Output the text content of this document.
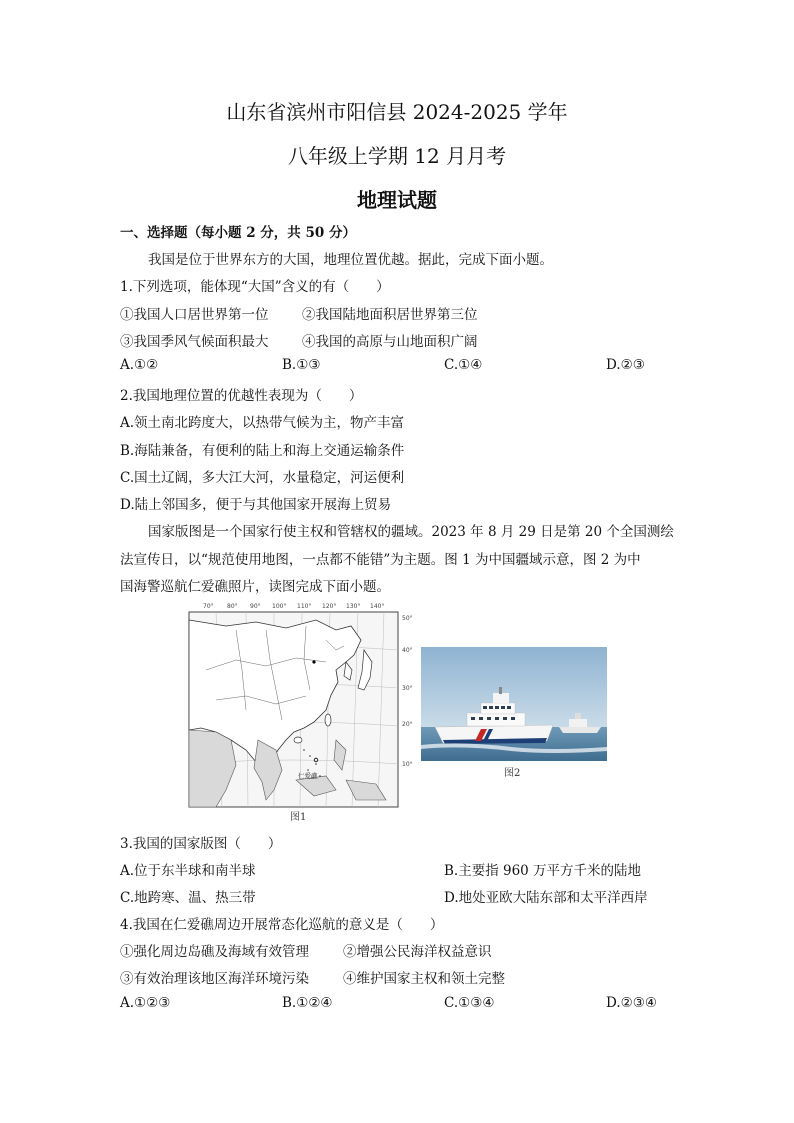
山东省滨州市阳信县 2024-2025 学年
八年级上学期 12 月月考
地理试题
一、选择题（每小题 2 分，共 50 分）
我国是位于世界东方的大国，地理位置优越。据此，完成下面小题。
1.下列选项，能体现“大国”含义的有（　　）
①我国人口居世界第一位 ②我国陆地面积居世界第三位
③我国季风气候面积最大 ④我国的高原与山地面积广阔
A.①②	B.①③	C.①④	D.②③
2.我国地理位置的优越性表现为（　　）
A.领土南北跨度大，以热带气候为主，物产丰富
B.海陆兼备，有便利的陆上和海上交通运输条件
C.国土辽阔，多大江大河，水量稳定，河运便利
D.陆上邻国多，便于与其他国家开展海上贸易
国家版图是一个国家行使主权和管辖权的疆域。2023 年 8 月 29 日是第 20 个全国测绘
法宣传日，以“规范使用地图，一点都不能错”为主题。图 1 为中国疆域示意，图 2 为中
国海警巡航仁爱礁照片，读图完成下面小题。
70° 80° 90° 100° 110° 120° 130° 140°
50°
40°
30°
20°
10°
仁爱礁
图1
图2
3.我国的国家版图（　　）
A.位于东半球和南半球	B.主要指 960 万平方千米的陆地
C.地跨寒、温、热三带	D.地处亚欧大陆东部和太平洋西岸
4.我国在仁爱礁周边开展常态化巡航的意义是（　　）
①强化周边岛礁及海域有效管理	②增强公民海洋权益意识
③有效治理该地区海洋环境污染	④维护国家主权和领土完整
A.①②③	B.①②④	C.①③④	D.②③④
